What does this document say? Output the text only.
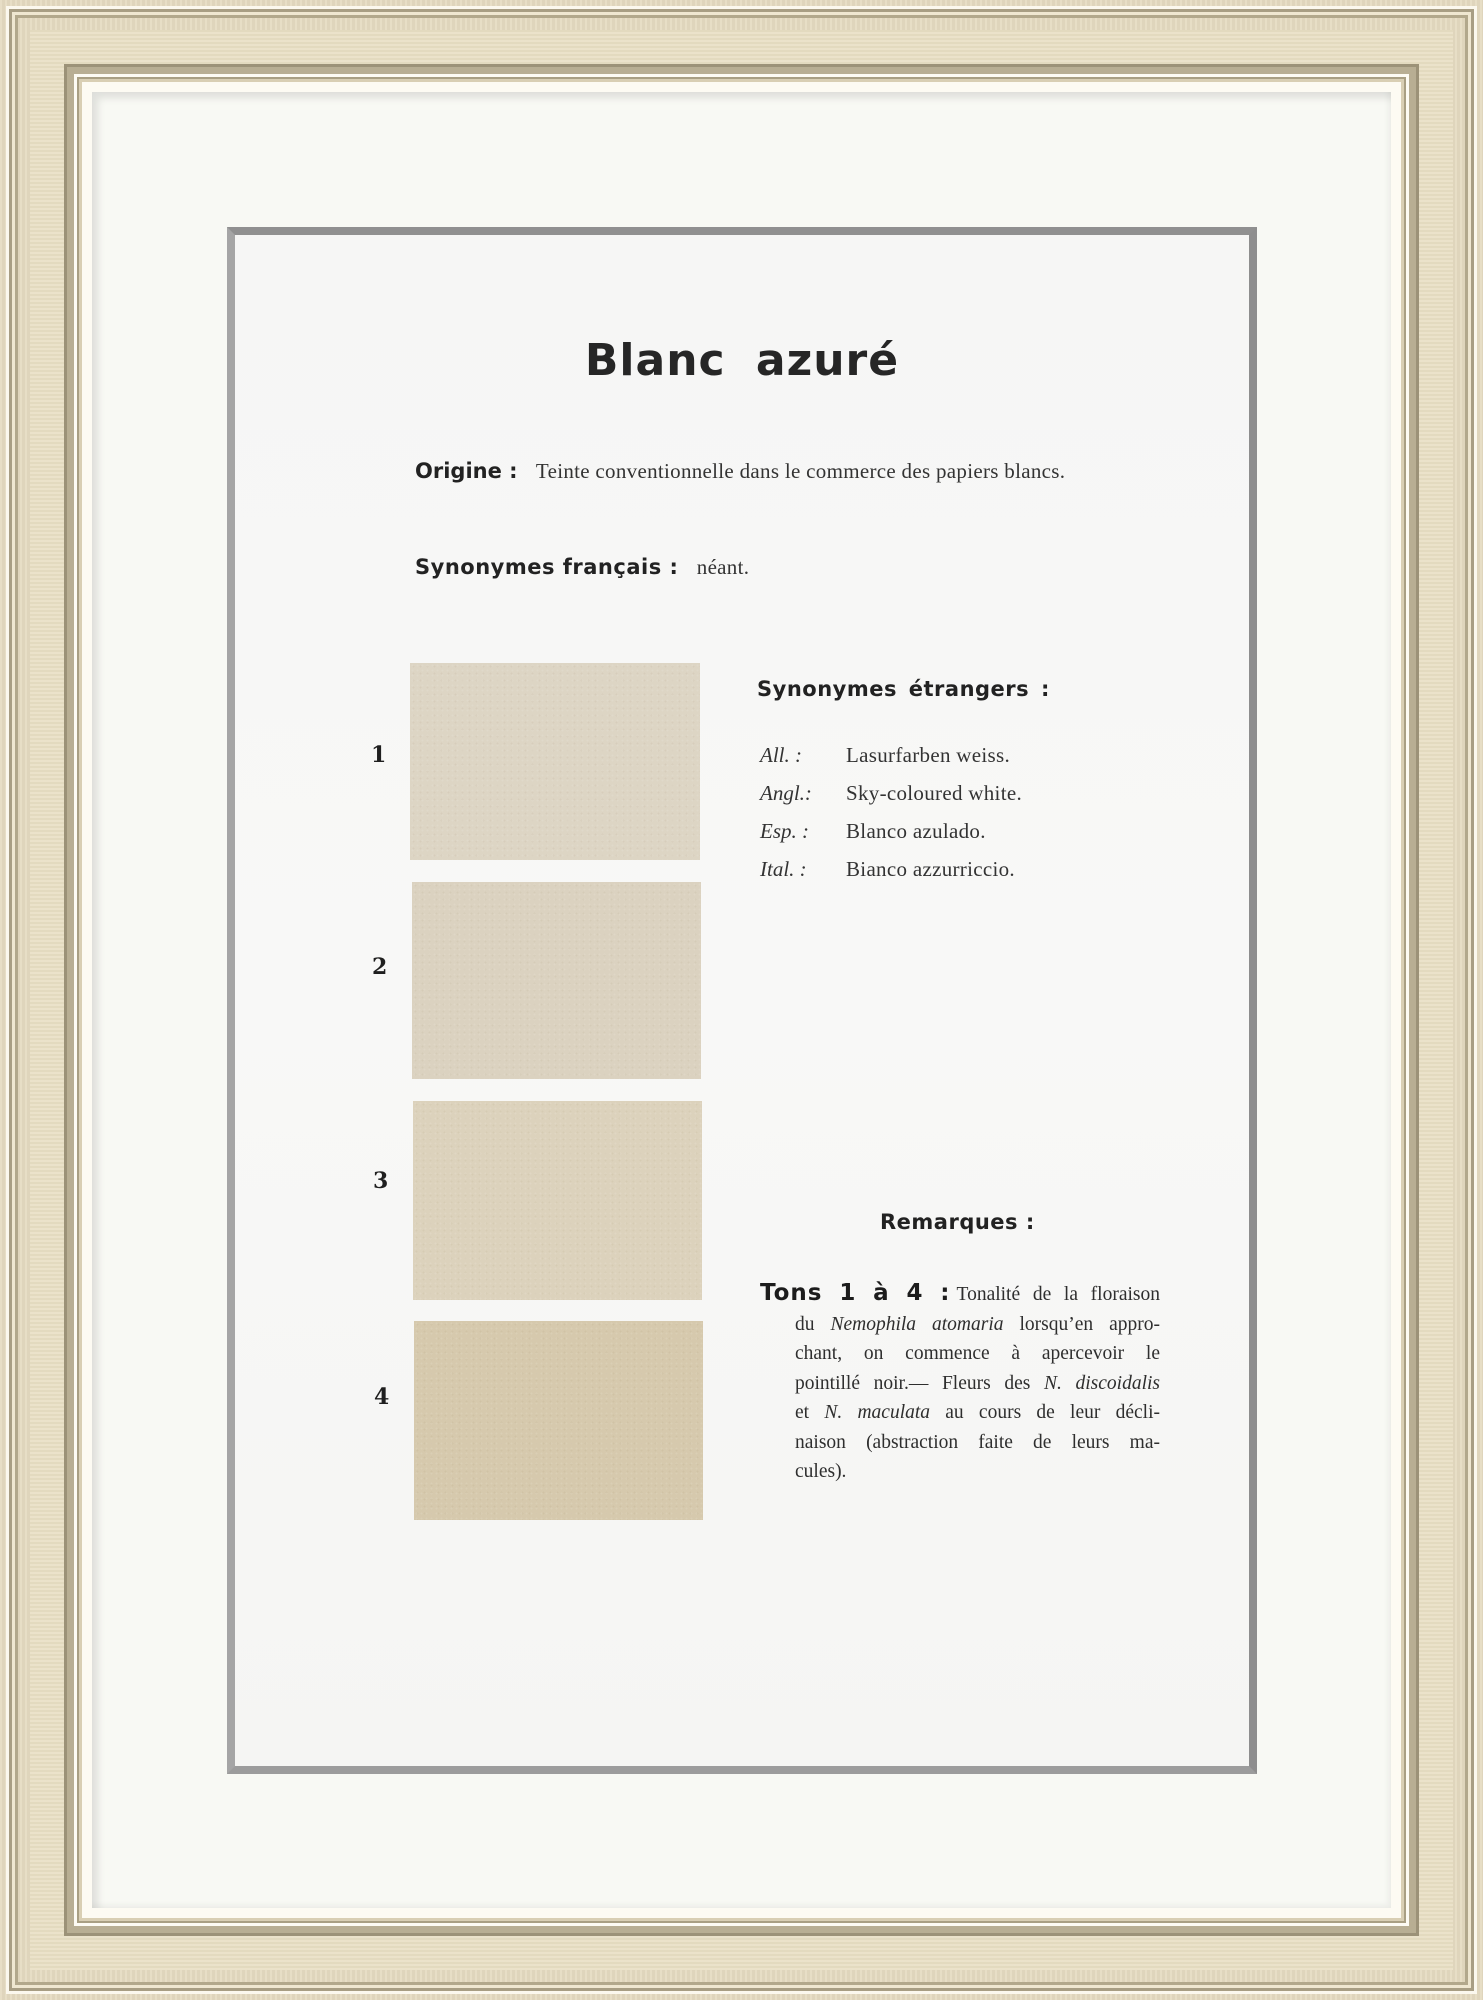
Blanc azuré
Origine : Teinte conventionnelle dans le commerce des papiers blancs.
Synonymes français : néant.
1
2
3
4
Synonymes étrangers :
All. :	Lasurfarben weiss.
Angl.:	Sky-coloured white.
Esp. :	Blanco azulado.
Ital. :	Bianco azzurriccio.
Remarques :
Tons 1 à 4 : Tonalité de la floraison
du Nemophila atomaria lorsqu’en appro-
chant, on commence à apercevoir le
pointillé noir.— Fleurs des N. discoidalis
et N. maculata au cours de leur décli-
naison (abstraction faite de leurs ma-
cules).
